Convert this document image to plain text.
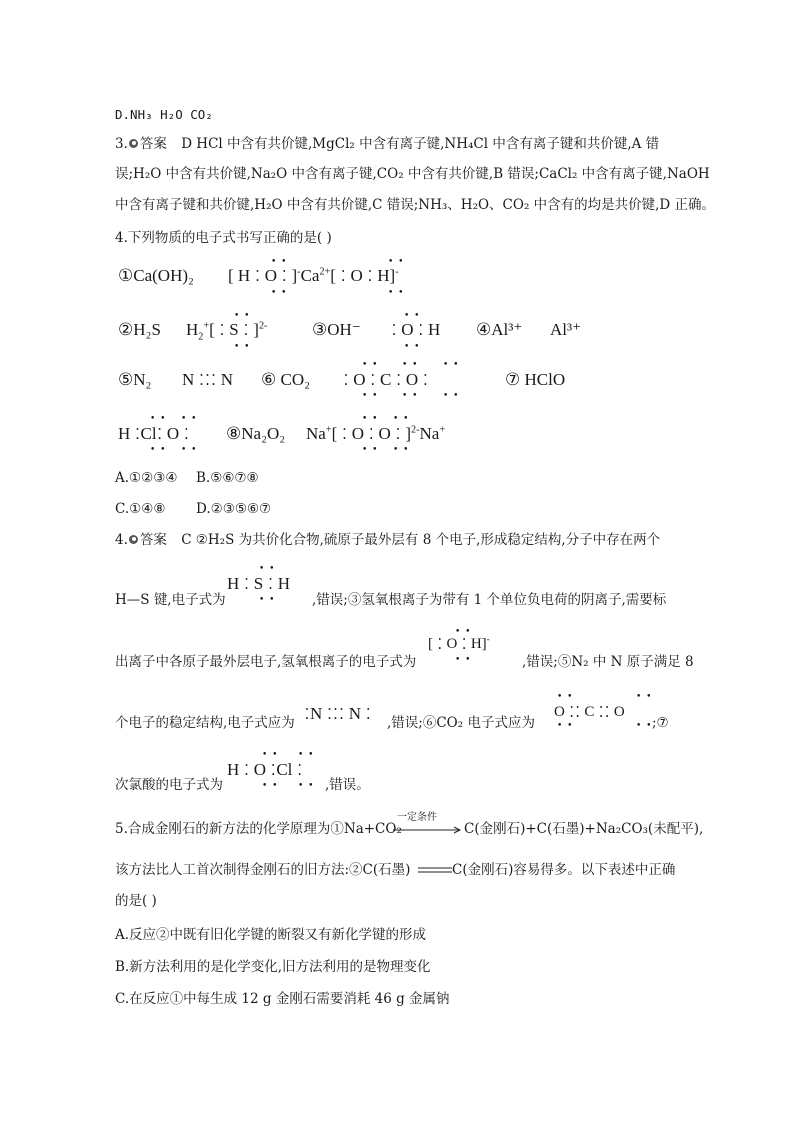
D.NH₃ H₂O CO₂
3. 答案 D HCl 中含有共价键,MgCl₂ 中含有离子键,NH₄Cl 中含有离子键和共价键,A 错
误;H₂O 中含有共价键,Na₂O 中含有离子键,CO₂ 中含有共价键,B 错误;CaCl₂ 中含有离子键,NaOH
中含有离子键和共价键,H₂O 中含有共价键,C 错误;NH₃、H₂O、CO₂ 中含有的均是共价键,D 正确。
4.下列物质的电子式书写正确的是( )
①Ca(OH)₂ [ H ⁚ O ⁚ ]$^-Ca^{2+}$[ ⁚ O ⁚ H]-
• •
• •
• •
• •
②H₂S $H_2^+$[ ⁚ S ⁚ ]$^{2-}$
• •
• •
③OH⁻ ⁚ O ⁚ H
• •
• •
④Al³⁺ Al³⁺
⑤N₂ N ⁚⁚⁚ N ⑥ CO₂ ⁚ O ⁚ C ⁚ O ⁚
• •
• •
• •
• •
• •
• •
⑦ HClO
H ⁚Cl⁚ O ⁚
• •
• •
• •
• •
⑧Na₂O₂ Na+[ ⁚ O ⁚ O ⁚ ]$^{2-}$Na+
• •
• •
• •
• •
A.①②③④ B.⑤⑥⑦⑧
C.①④⑧ D.②③⑤⑥⑦
4. 答案 C ②H₂S 为共价化合物,硫原子最外层有 8 个电子,形成稳定结构,分子中存在两个
H—S 键,电子式为
H ⁚ S ⁚ H
• •
• •	,错误;③氢氧根离子为带有 1 个单位负电荷的阴离子,需要标
出离子中各原子最外层电子,氢氧根离子的电子式为
[ ⁚ O ⁚ H]-
• •
• •	,错误;⑤N₂ 中 N 原子满足 8
个电子的稳定结构,电子式应为 ⁚N ⁚⁚⁚ N ⁚ ,错误;⑥CO₂ 电子式应为
O ⁚⁚ C ⁚⁚ O
• •
• •
• •
• • ;⑦
次氯酸的电子式为
H ⁚ O ⁚Cl ⁚
• •
• •
• •
• • ,错误。
5.合成金刚石的新方法的化学原理为①Na+CO₂
一定条件
C(金刚石)+C(石墨)+Na₂CO₃(未配平),
该方法比人工首次制得金刚石的旧方法:②C(石墨)	C(金刚石)容易得多。以下表述中正确
的是( )
A.反应②中既有旧化学键的断裂又有新化学键的形成
B.新方法利用的是化学变化,旧方法利用的是物理变化
C.在反应①中每生成 12 g 金刚石需要消耗 46 g 金属钠
